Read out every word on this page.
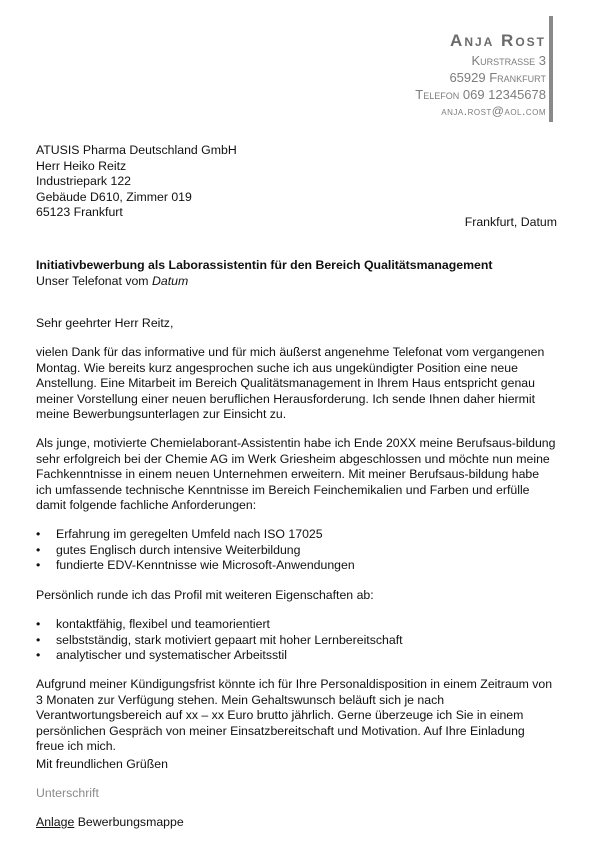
Anja Rost
Kurstrasse 3
65929 Frankfurt
Telefon 069 12345678
anja.rost@aol.com
ATUSIS Pharma Deutschland GmbH
Herr Heiko Reitz
Industriepark 122
Gebäude D610, Zimmer 019
65123 Frankfurt
Frankfurt, Datum
Initiativbewerbung als Laborassistentin für den Bereich Qualitätsmanagement
Unser Telefonat vom Datum

Sehr geehrter Herr Reitz,

vielen Dank für das informative und für mich äußerst angenehme Telefonat vom vergangenen Montag. Wie bereits kurz angesprochen suche ich aus ungekündigter Position eine neue Anstellung. Eine Mitarbeit im Bereich Qualitätsmanagement in Ihrem Haus entspricht genau meiner Vorstellung einer neuen beruflichen Herausforderung. Ich sende Ihnen daher hiermit meine Bewerbungsunterlagen zur Einsicht zu.

Als junge, motivierte Chemielaborant-Assistentin habe ich Ende 20XX meine Berufsaus-bildung sehr erfolgreich bei der Chemie AG im Werk Griesheim abgeschlossen und möchte nun meine Fachkenntnisse in einem neuen Unternehmen erweitern. Mit meiner Berufsaus-bildung habe ich umfassende technische Kenntnisse im Bereich Feinchemikalien und Farben und erfülle damit folgende fachliche Anforderungen:

• Erfahrung im geregelten Umfeld nach ISO 17025
• gutes Englisch durch intensive Weiterbildung
• fundierte EDV-Kenntnisse wie Microsoft-Anwendungen

Persönlich runde ich das Profil mit weiteren Eigenschaften ab:

• kontaktfähig, flexibel und teamorientiert
• selbstständig, stark motiviert gepaart mit hoher Lernbereitschaft
• analytischer und systematischer Arbeitsstil

Aufgrund meiner Kündigungsfrist könnte ich für Ihre Personaldisposition in einem Zeitraum von 3 Monaten zur Verfügung stehen. Mein Gehaltswunsch beläuft sich je nach Verantwortungsbereich auf xx – xx Euro brutto jährlich. Gerne überzeuge ich Sie in einem persönlichen Gespräch von meiner Einsatzbereitschaft und Motivation. Auf Ihre Einladung freue ich mich.

Mit freundlichen Grüßen
Unterschrift
Anlage Bewerbungsmappe
